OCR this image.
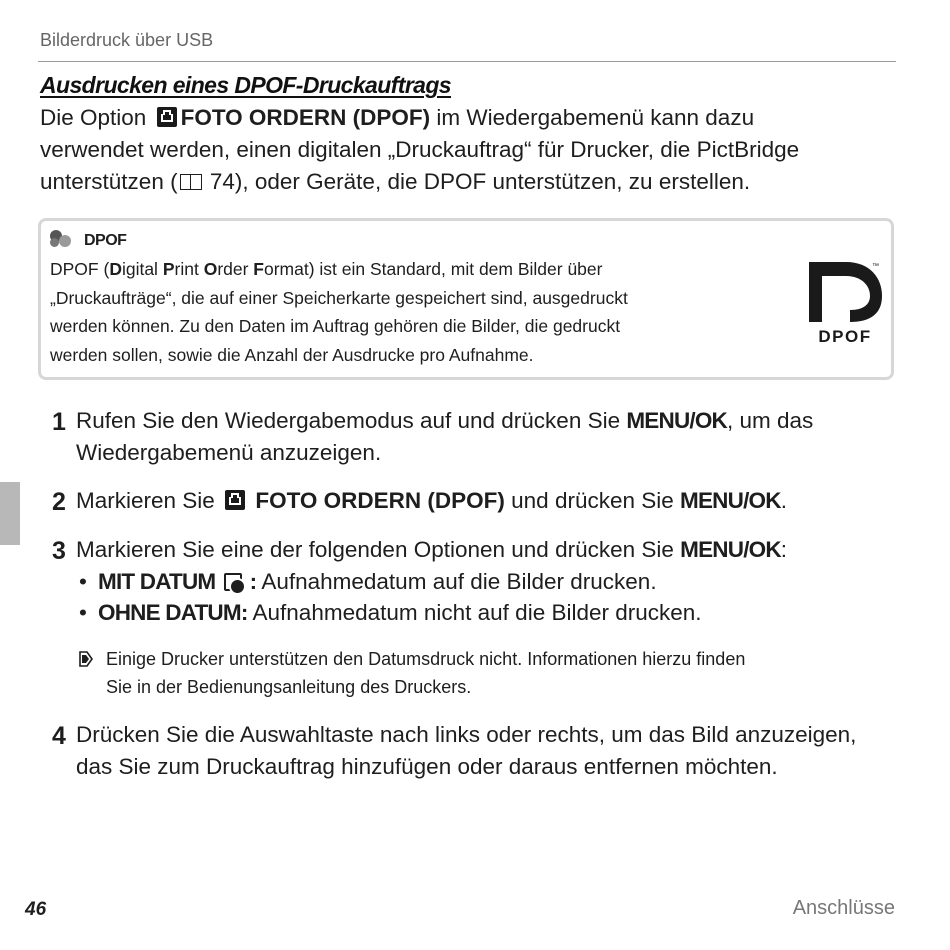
Bilderdruck über USB
Ausdrucken eines DPOF-Druckauftrags
Die Option FOTO ORDERN (DPOF) im Wiedergabemenü kann dazu
verwendet werden, einen digitalen „Druckauftrag“ für Drucker, die PictBridge
unterstützen ( 74), oder Geräte, die DPOF unterstützen, zu erstellen.
DPOF
DPOF (Digital Print Order Format) ist ein Standard, mit dem Bilder über
„Druckaufträge“, die auf einer Speicherkarte gespeichert sind, ausgedruckt
werden können. Zu den Daten im Auftrag gehören die Bilder, die gedruckt
werden sollen, sowie die Anzahl der Ausdrucke pro Aufnahme.
™
DPOF
1 Rufen Sie den Wiedergabemodus auf und drücken Sie MENU/OK, um das
Wiedergabemenü anzuzeigen.
2 Markieren Sie  FOTO ORDERN (DPOF) und drücken Sie MENU/OK.
3 Markieren Sie eine der folgenden Optionen und drücken Sie MENU/OK:
• MIT DATUM : Aufnahmedatum auf die Bilder drucken.
• OHNE DATUM: Aufnahmedatum nicht auf die Bilder drucken.
Einige Drucker unterstützen den Datumsdruck nicht. Informationen hierzu finden
Sie in der Bedienungsanleitung des Druckers.
4 Drücken Sie die Auswahltaste nach links oder rechts, um das Bild anzuzeigen,
das Sie zum Druckauftrag hinzufügen oder daraus entfernen möchten.
46	Anschlüsse
